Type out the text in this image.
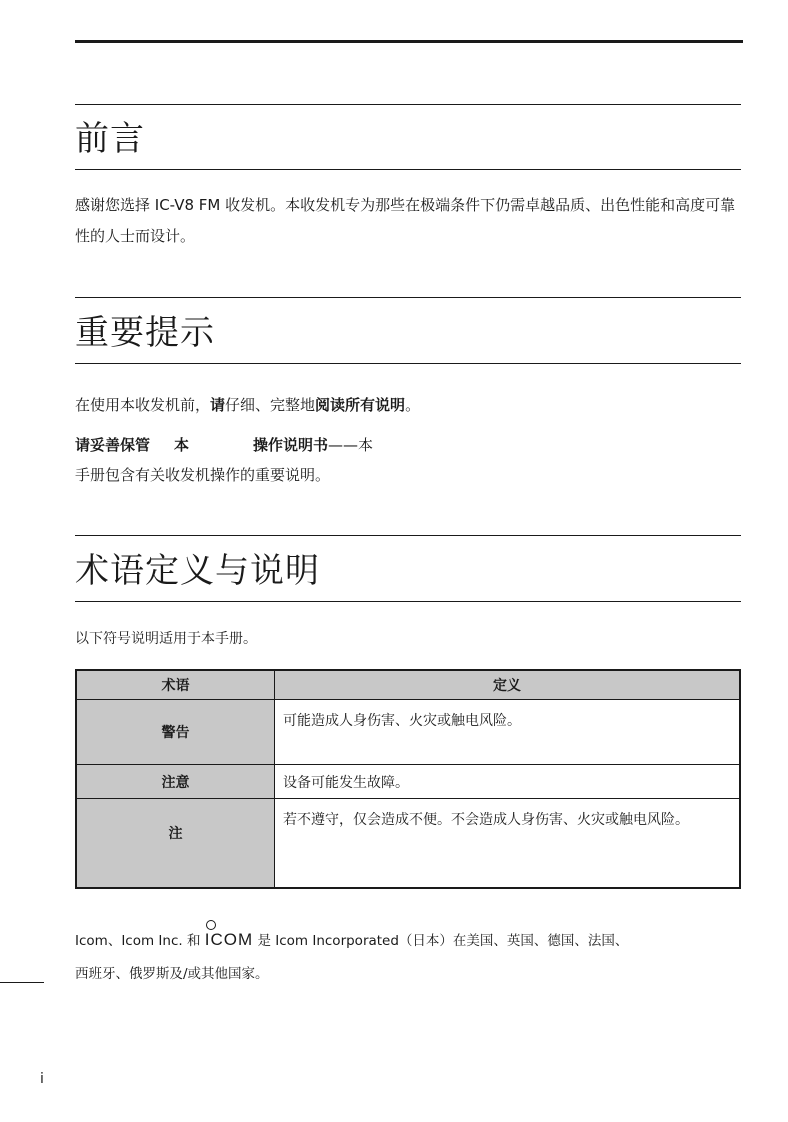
前言

感谢您选择 IC-V8 FM 收发机。本收发机专为那些在极端条件下仍需卓越品质、出色性能和高度可靠性的人士而设计。

重要提示

在使用本收发机前，请仔细、完整地阅读所有说明。

请妥善保管 本	操作说明书——本

手册包含有关收发机操作的重要说明。

术语定义与说明

以下符号说明适用于本手册。

术语	定义
警告	可能造成人身伤害、火灾或触电风险。
注意	设备可能发生故障。
注	若不遵守，仅会造成不便。不会造成人身伤害、火灾或触电风险。

Icom、Icom Inc. 和
ICOM 是 Icom Incorporated（日本）在美国、英国、德国、法国、

西班牙、俄罗斯及/或其他国家。

i
